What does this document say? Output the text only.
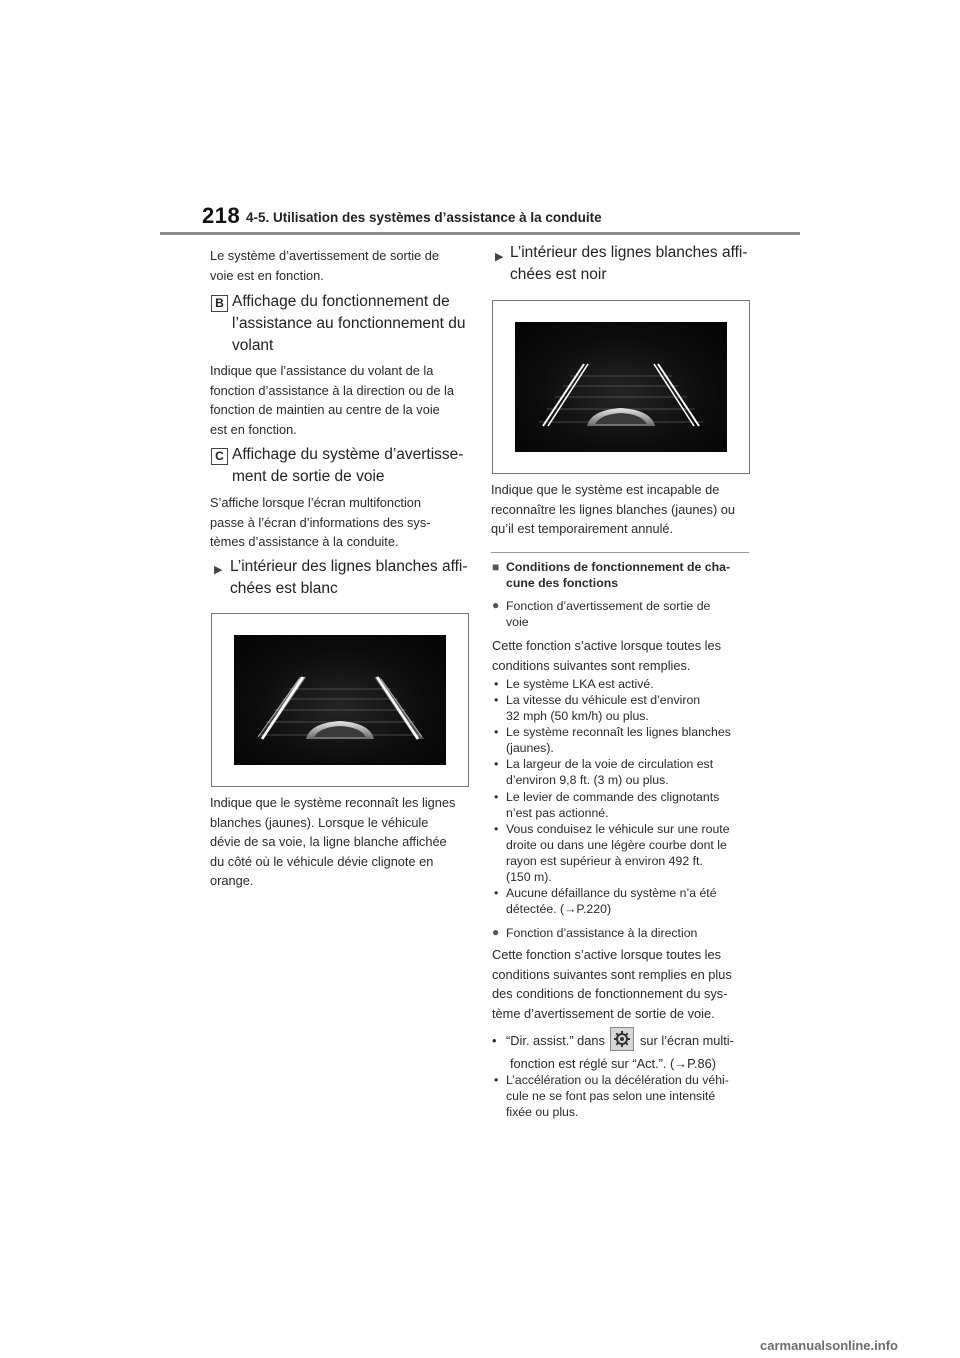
218 4-5. Utilisation des systèmes d’assistance à la conduite
Le système d’avertissement de sortie de
voie est en fonction.
B Affichage du fonctionnement de
l’assistance au fonctionnement du
volant
Indique que l’assistance du volant de la
fonction d’assistance à la direction ou de la
fonction de maintien au centre de la voie
est en fonction.
C Affichage du système d’avertisse-
ment de sortie de voie
S’affiche lorsque l’écran multifonction
passe à l’écran d’informations des sys-
tèmes d’assistance à la conduite.
▶ L’intérieur des lignes blanches affi-
chées est blanc
Indique que le système reconnaît les lignes
blanches (jaunes). Lorsque le véhicule
dévie de sa voie, la ligne blanche affichée
du côté où le véhicule dévie clignote en
orange.
▶ L’intérieur des lignes blanches affi-
chées est noir
Indique que le système est incapable de
reconnaître les lignes blanches (jaunes) ou
qu’il est temporairement annulé.
■ Conditions de fonctionnement de cha-
cune des fonctions
● Fonction d’avertissement de sortie de
voie
Cette fonction s’active lorsque toutes les
conditions suivantes sont remplies.
• Le système LKA est activé.
• La vitesse du véhicule est d’environ
32 mph (50 km/h) ou plus.
• Le système reconnaît les lignes blanches
(jaunes).
• La largeur de la voie de circulation est
d’environ 9,8 ft. (3 m) ou plus.
• Le levier de commande des clignotants
n’est pas actionné.
• Vous conduisez le véhicule sur une route
droite ou dans une légère courbe dont le
rayon est supérieur à environ 492 ft.
(150 m).
• Aucune défaillance du système n’a été
détectée. (→P.220)
● Fonction d’assistance à la direction
Cette fonction s’active lorsque toutes les
conditions suivantes sont remplies en plus
des conditions de fonctionnement du sys-
tème d’avertissement de sortie de voie.
• “Dir. assist.” dans	sur l’écran multi-
fonction est réglé sur “Act.”. (→P.86)
• L’accélération ou la décélération du véhi-
cule ne se font pas selon une intensité
fixée ou plus.
carmanualsonline.info
